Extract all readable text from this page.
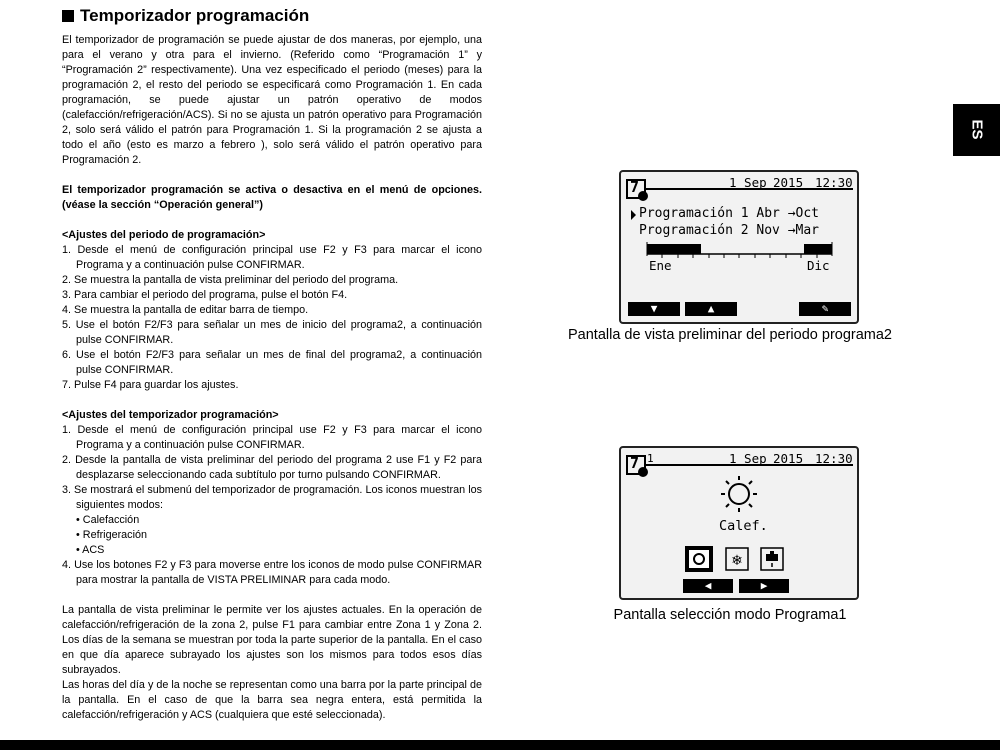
ES
Temporizador programación

El temporizador de programación se puede ajustar de dos maneras, por ejemplo, una para el verano y otra para el invierno. (Referido como “Programación 1” y “Programación 2” respectivamente). Una vez especificado el periodo (meses) para la programación 2, el resto del periodo se especificará como Programación 1. En cada programación, se puede ajustar un patrón operativo de modos (calefacción/refrigeración/ACS). Si no se ajusta un patrón operativo para Programación 2, solo será válido el patrón para Programación 1. Si la programación 2 se ajusta a todo el año (esto es marzo a febrero ), solo será válido el patrón operativo para Programación 2.

El temporizador programación se activa o desactiva en el menú de opciones. (véase la sección “Operación general”)

<Ajustes del periodo de programación>

1. Desde el menú de configuración principal use F2 y F3 para marcar el icono Programa y a continuación pulse CONFIRMAR.
2. Se muestra la pantalla de vista preliminar del periodo del programa.
3. Para cambiar el periodo del programa, pulse el botón F4.
4. Se muestra la pantalla de editar barra de tiempo.
5. Use el botón F2/F3 para señalar un mes de inicio del programa2, a continuación pulse CONFIRMAR.
6. Use el botón F2/F3 para señalar un mes de final del programa2, a continuación pulse CONFIRMAR.
7. Pulse F4 para guardar los ajustes.

<Ajustes del temporizador programación>

1. Desde el menú de configuración principal use F2 y F3 para marcar el icono Programa y a continuación pulse CONFIRMAR.
2. Desde la pantalla de vista preliminar del periodo del programa 2 use F1 y F2 para desplazarse seleccionando cada subtítulo por turno pulsando CONFIRMAR.
3. Se mostrará el submenú del temporizador de programación. Los iconos muestran los siguientes modos:
• Calefacción
• Refrigeración
• ACS
4. Use los botones F2 y F3 para moverse entre los iconos de modo pulse CONFIRMAR para mostrar la pantalla de VISTA PRELIMINAR para cada modo.

La pantalla de vista preliminar le permite ver los ajustes actuales. En la operación de calefacción/refrigeración de la zona 2, pulse F1 para cambiar entre Zona 1 y Zona 2. Los días de la semana se muestran por toda la parte superior de la pantalla. En el caso en que día aparece subrayado los ajustes son los mismos para todos esos días subrayados.

Las horas del día y de la noche se representan como una barra por la parte principal de la pantalla. En el caso de que la barra sea negra entera, está permitida la calefacción/refrigeración y ACS (cualquiera que esté seleccionada).

7	1 Sep 2015 12:30
Programación 1 Abr →Oct
Programación 2 Nov →Mar
Ene	Dic
▼	▲	✎
Pantalla de vista preliminar del periodo programa2
❄
7 1	1 Sep 2015 12:30
Calef.
◀	▶
Pantalla selección modo Programa1
